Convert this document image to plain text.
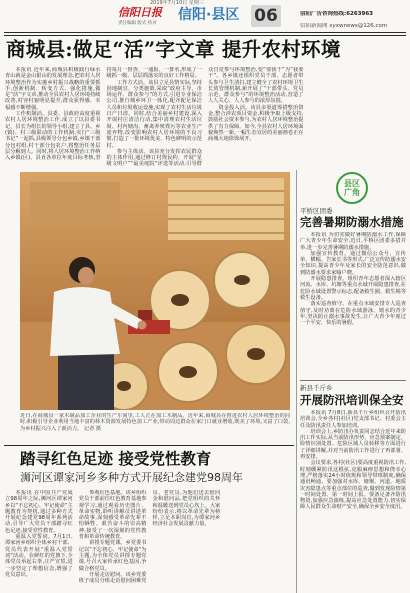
2019年7月10日 星期三
信阳日报
责任编辑 版式 校对
信阳·县区 06	信阳广告咨询热线:6263963
信阳新闻网 xyxwnews@126.com
商城县:做足“活”字文章 提升农村环境

本报讯 近年来,商城县积极践行绿水青山就是金山银山的发展理念,把农村人居环境整治作为实施乡村振兴战略的重要抓手,创新机制、转变方式、强化措施,做足“活”字文章,推动全县农村人居环境持续改善,村容村貌明显提升,群众获得感、幸福感不断增强。

工作机制活。县委、县政府高度重视农村人居环境整治工作,成立了以县委书记、县长为组长的领导小组,建立了县、乡(镇)、村三级联动的工作机制,实行“三级书记”一起抓,县级领导分包乡镇,乡镇干部分包村组,村干部分包农户,将整治任务层层分解到人。同时,将人居环境整治工作纳入乡镇(区)、县直各单位年度目标考核,坚持每月一督查、一通报、一排名,形成了一级抓一级、层层抓落实的良好工作格局。

工作方式活。该县立足县情实际,坚持因地制宜、分类施策,采取“政府主导、市场运作、群众参与”的方式,引进专业保洁公司,推行城乡环卫一体化,配齐配足保洁人员和垃圾收运设施,实现了农村生活垃圾日产日清。同时,结合美丽乡村建设,深入开展村庄清洁行动,集中清理农村生活垃圾、村内塘沟、畜禽养殖粪污等农业生产废弃物,改变影响农村人居环境的不良习惯,打造了一批环境优美、特色鲜明的示范村。

参与主体活。该县充分发挥农民群众的主体作用,通过修订村规民约、开展“星级文明户”“最美庭院”评选等活动,引导群众自觉参与环境整治,变“要我干”为“我要干”。各乡镇还组织党员干部、志愿者带头参与卫生清扫,建立健全了农村环境卫生长效管理机制,新开展了“干部带头、党员示范、群众参与”的环境整治活动,营造了人人关心、人人参与的浓厚氛围。

资金投入活。该县多渠道筹措整治资金,整合涉农项目资金,积极争取上级支持,鼓励社会资本参与,为农村人居环境整治提供了有力保障。如今,全县农村人居环境面貌焕然一新,一幅生态宜居的美丽画卷正在商城大地徐徐展开。

近日,在商城县一家木制品加工企业的生产车间里,工人正在加工木制品。近年来,商城县在推进农村人居环境整治的同时,积极引导企业利用当地丰富的林木资源发展特色加工产业,带动周边群众在家门口就业增收,既美了环境,又富了口袋,为乡村振兴注入了新活力。 记者 摄
县区广角
平桥区团委
完善暑期防溺水措施

本报讯 为切实做好暑期防溺水工作,保障广大青少年生命安全,近日,平桥区团委多措并举,进一步完善暑期防溺水措施。

加强宣传教育。通过微信公众号、宣传单、横幅、告家长书等形式,广泛宣传防溺水安全知识,提高青少年及家长的安全防范意识,做到防溺水要求家喻户晓。

开展隐患排查。组织青年志愿者深入辖区河流、水库、坑塘等重点水域开展隐患排查,在危险水域设置警示标志,配备救生圈、救生绳等救生设备。

落实巡查值守。在重点水域安排专人巡查值守,及时劝离在危险水域游泳、嬉水的青少年,坚决防止溺水事故发生,让广大青少年度过一个平安、快乐的暑假。

新县千斤乡
开展防汛培训保全安

本报讯 7月8日,新县千斤乡组织召开防汛培训会,全乡各村(社区)党支部书记、村委会主任及防汛责任人参加培训。

培训会上,乡防汛办负责同志结合近年来防汛工作实际,从当前防汛形势、应急预案制定、险情识别处置、危险区域人员转移等方面进行了详细讲解,并对当前防汛工作进行了再部署、再安排。

会议要求,各村(社区)要高度重视防汛工作,时刻绷紧防汛这根弦,克服麻痹思想和侥幸心理,严格落实24小时值班和领导带班制度,确保通讯畅通。要加强对水库、塘堰、河道、地质灾害隐患点等重点部位的巡查,做到发现险情第一时间处置、第一时间上报。要备足备齐防汛物资,加强应急演练,提高应急处置能力,切实保障人民群众生命财产安全,确保全乡安全度汛。

踏寻红色足迹 接受党性教育
浉河区谭家河乡多种方式开展纪念建党98周年

本报讯 在中国共产党成立98周年之际,浉河区谭家河乡以“不忘初心、牢记使命”主题教育为契机,通过多种方式开展纪念建党98周年系列活动,引导广大党员干部踏寻红色足迹,接受党性教育。

重温入党誓词。7月1日,谭家河乡组织全体乡村干部、党员代表开展“重温入党誓词”活动。在鲜红的党旗下,全体党员举起右拳,庄严宣誓,进一步坚定了理想信念,增强了党员意识。

参观红色基地。该乡组织党员干部前往红色教育基地参观学习,通过观看历史图片、革命实物,聆听讲解员讲述革命故事,深刻感受革命先辈不怕牺牲、艰苦奋斗的崇高精神,接受了一次深刻的党性教育和革命传统教育。

讲授专题党课。乡党委书记以“不忘初心、牢记使命”为主题,为全体党员讲授专题党课,号召大家传承红色基因,争做合格党员。

开展走访慰问。该乡党委班子成员分组走访慰问困难党员、老党员,为他们送去慰问金和慰问品,把党组织的关怀和温暖送到党员心坎上。大家纷纷表示,将以革命先辈为榜样,立足本职岗位,为谭家河乡经济社会发展贡献力量。
